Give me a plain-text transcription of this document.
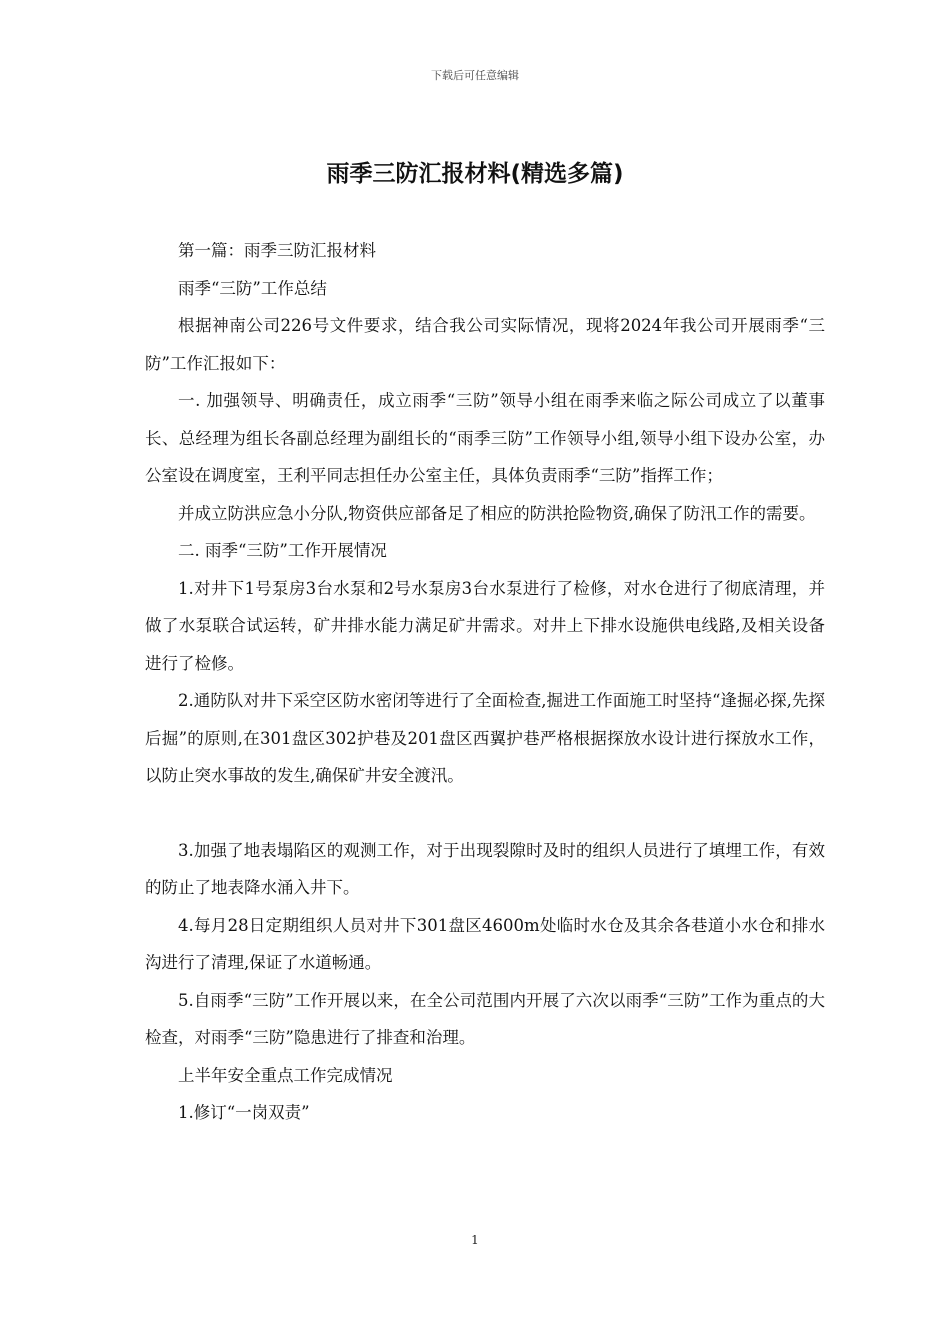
下载后可任意编辑
雨季三防汇报材料(精选多篇)

第一篇：雨季三防汇报材料

雨季“三防”工作总结

根据神南公司226号文件要求，结合我公司实际情况，现将2024年我公司开展雨季“三防”工作汇报如下：

一. 加强领导、明确责任，成立雨季“三防”领导小组在雨季来临之际公司成立了以董事长、总经理为组长各副总经理为副组长的“雨季三防”工作领导小组,领导小组下设办公室，办公室设在调度室，王利平同志担任办公室主任，具体负责雨季“三防”指挥工作；

并成立防洪应急小分队,物资供应部备足了相应的防洪抢险物资,确保了防汛工作的需要。

二. 雨季“三防”工作开展情况

1.对井下1号泵房3台水泵和2号水泵房3台水泵进行了检修，对水仓进行了彻底清理，并做了水泵联合试运转，矿井排水能力满足矿井需求。对井上下排水设施供电线路,及相关设备进行了检修。

2.通防队对井下采空区防水密闭等进行了全面检查,掘进工作面施工时坚持“逢掘必探,先探后掘”的原则,在301盘区302护巷及201盘区西翼护巷严格根据探放水设计进行探放水工作，以防止突水事故的发生,确保矿井安全渡汛。

3.加强了地表塌陷区的观测工作，对于出现裂隙时及时的组织人员进行了填埋工作，有效的防止了地表降水涌入井下。

4.每月28日定期组织人员对井下301盘区4600m处临时水仓及其余各巷道小水仓和排水沟进行了清理,保证了水道畅通。

5.自雨季“三防”工作开展以来，在全公司范围内开展了六次以雨季“三防”工作为重点的大检查，对雨季“三防”隐患进行了排查和治理。

上半年安全重点工作完成情况

1.修订“一岗双责”

1
